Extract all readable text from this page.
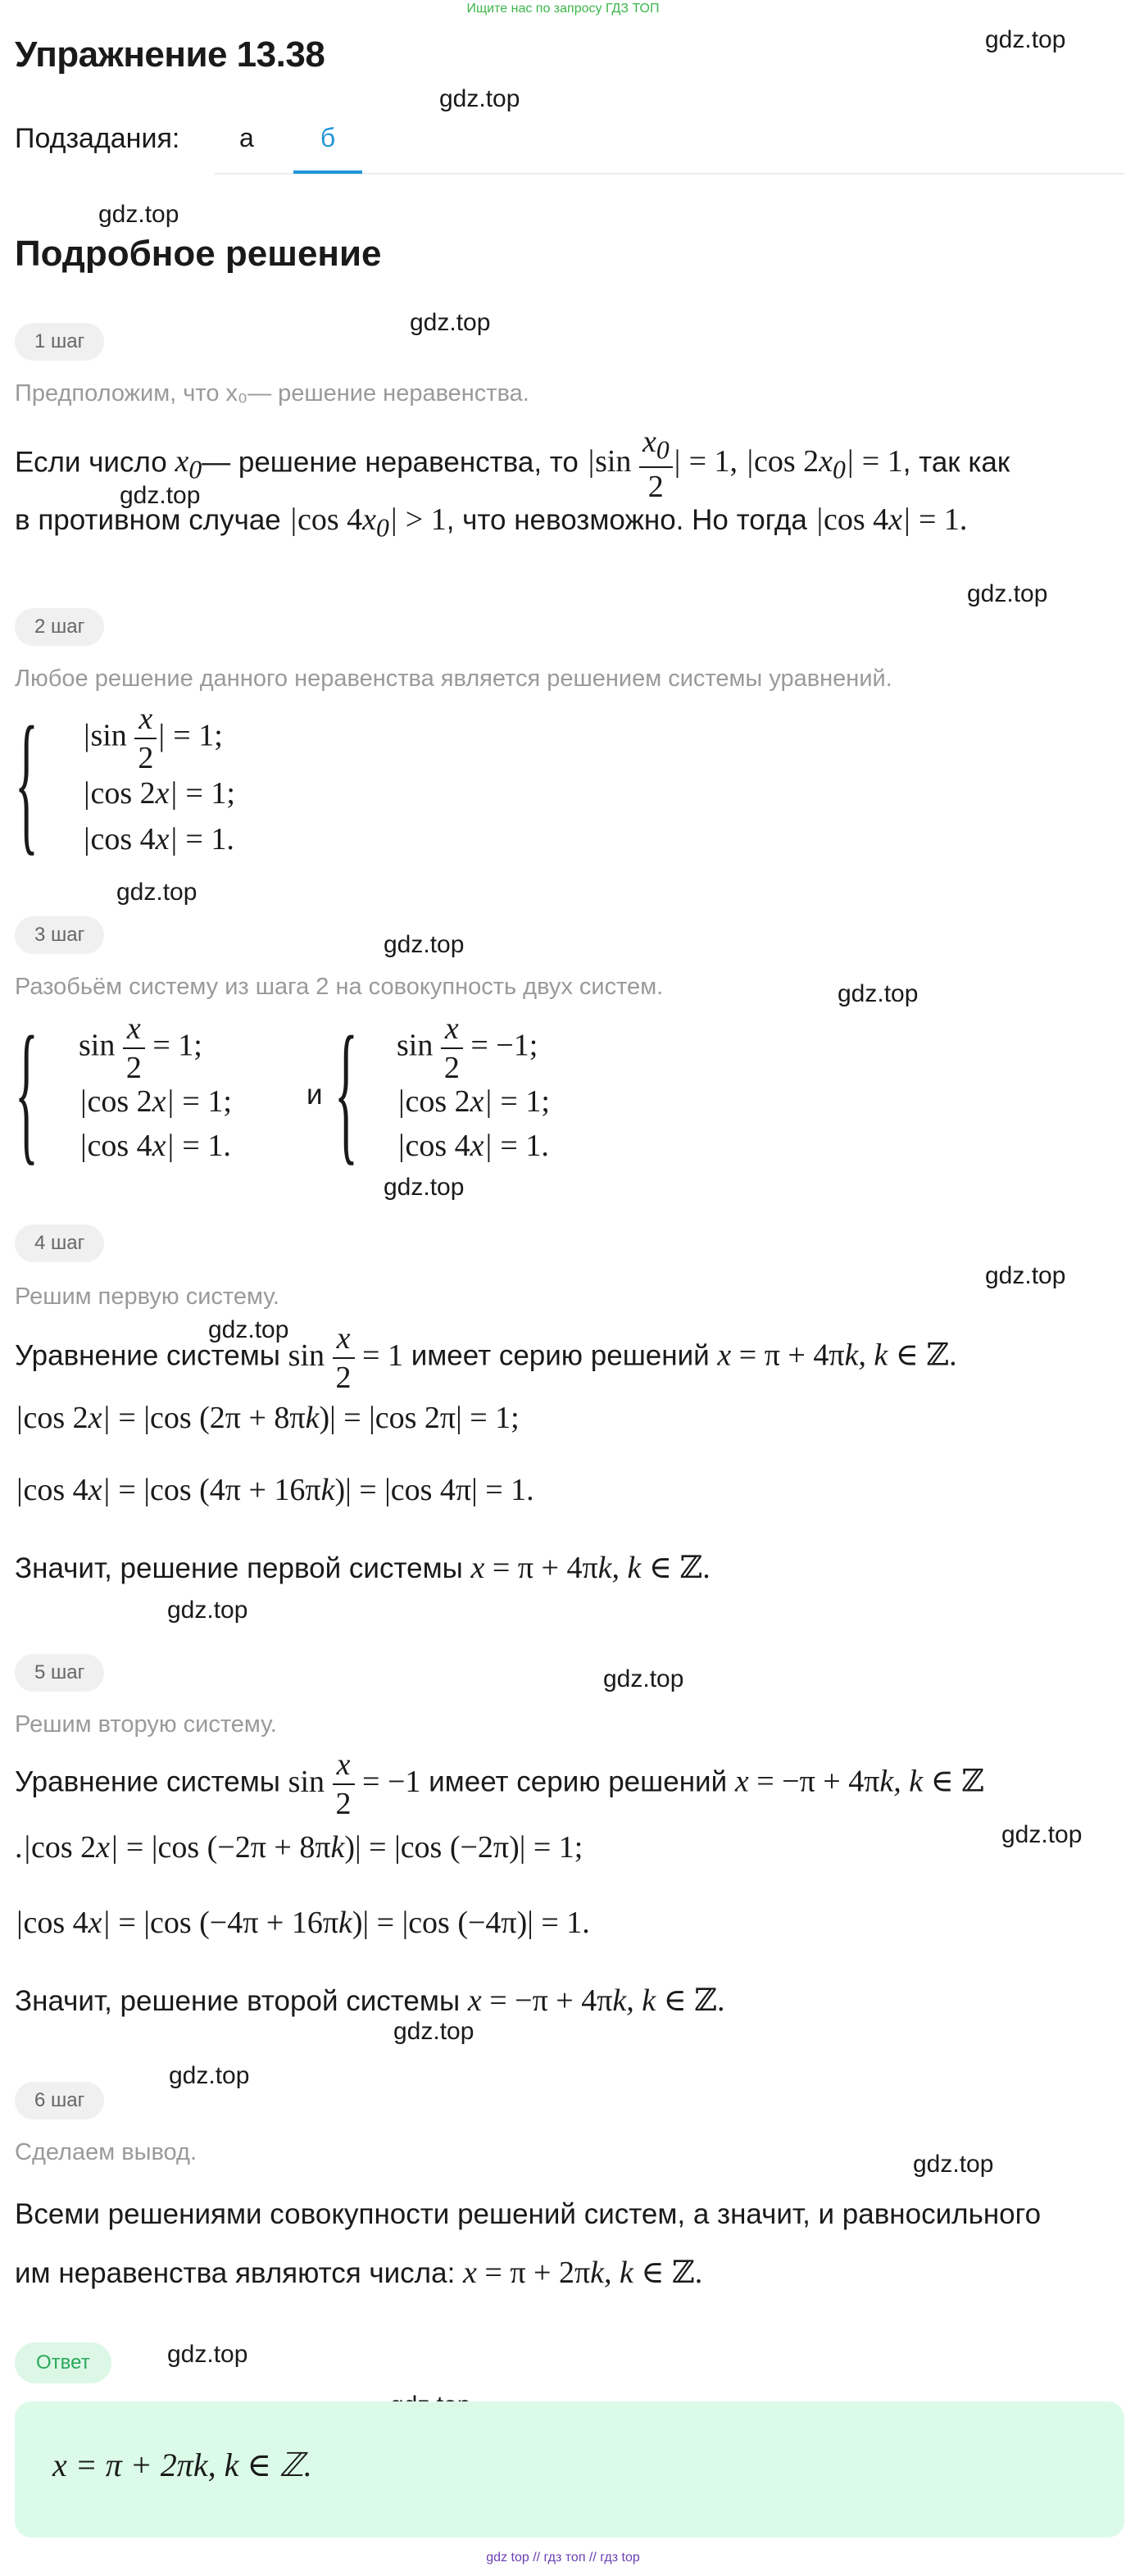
Ищите нас по запросу ГДЗ ТОП
Упражнение 13.38
Подзадания: а	б
Подробное решение
gdz.top
gdz.top
gdz.top
gdz.top
gdz.top
gdz.top
gdz.top
gdz.top
gdz.top
gdz.top
gdz.top
gdz.top
gdz.top
gdz.top
gdz.top
gdz.top
gdz.top
gdz.top
gdz.top
1 шаг
Предположим, что x₀— решение неравенства.
Если число $x_0—$ решение неравенства, то $|\sin \frac{x_0}{2}$ | = 1, |cos $2x_0| = 1$, так как
в противном случае |cos $4x_0| > 1$, что невозможно. Но тогда |cos 4x| = 1.
2 шаг
Любое решение данного неравенства является решением системы уравнений.
{ $|\sin \frac{x}{2}$ | = 1;
|cos 2x| = 1;
|cos 4x| = 1.
3 шаг
Разобьём систему из шага 2 на совокупность двух систем.
{ $\sin \frac{x}{2} = 1$;
|cos 2x| = 1;
|cos 4x| = 1.
и { $\sin \frac{x}{2} = -1$;
|cos 2x| = 1;
|cos 4x| = 1.
4 шаг
Решим первую систему.
Уравнение системы $\sin \frac{x}{2} = 1$ имеет серию решений x = π + 4πk, k ∈ ℤ.
|cos 2x| = |cos (2π + 8πk)| = |cos 2π| = 1;
|cos 4x| = |cos (4π + 16πk)| = |cos 4π| = 1.
Значит, решение первой системы x = π + 4πk, k ∈ ℤ.
5 шаг
Решим вторую систему.
Уравнение системы $\sin \frac{x}{2} = -1$ имеет серию решений x = −π + 4πk, k ∈ ℤ
.|cos 2x| = |cos (−2π + 8πk)| = |cos (−2π)| = 1;
|cos 4x| = |cos (−4π + 16πk)| = |cos (−4π)| = 1.
Значит, решение второй системы x = −π + 4πk, k ∈ ℤ.
6 шаг
Сделаем вывод.
Всеми решениями совокупности решений систем, а значит, и равносильного
им неравенства являются числа: x = π + 2πk, k ∈ ℤ.
Ответ
x = π + 2πk, k ∈ ℤ.
gdz top // гдз топ // гдз top
